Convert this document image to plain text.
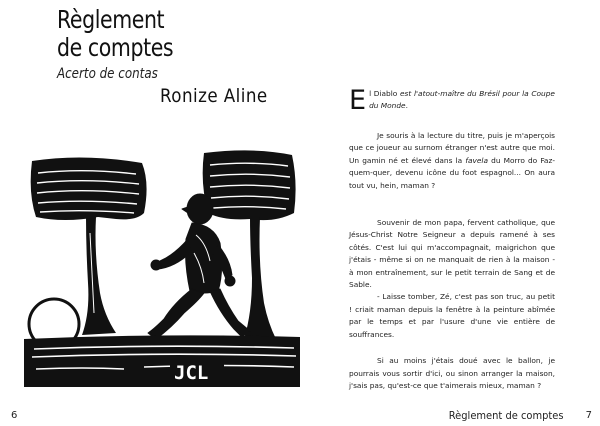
Règlement
de comptes
Acerto de contas
Ronize Aline
JCL
6

El Diablo est l'atout-maître du Brésil pour la Coupe du Monde.

Je souris à la lecture du titre, puis je m'aperçois que ce joueur au surnom étranger n'est autre que moi. Un gamin né et élevé dans la favela du Morro do Faz-quem-quer, devenu icône du foot espagnol... On aura tout vu, hein, maman ?

Souvenir de mon papa, fervent catholique, que Jésus-Christ Notre Seigneur a depuis ramené à ses côtés. C'est lui qui m'accompagnait, maigrichon que j'étais - même si on ne manquait de rien à la maison - à mon entraînement, sur le petit terrain de Sang et de Sable.

- Laisse tomber, Zé, c'est pas son truc, au petit ! criait maman depuis la fenêtre à la peinture abîmée par le temps et par l'usure d'une vie entière de souffrances.

Si au moins j'étais doué avec le ballon, je pourrais vous sortir d'ici, ou sinon arranger la maison, j'sais pas, qu'est-ce que t'aimerais mieux, maman ?

Règlement de comptes 7
